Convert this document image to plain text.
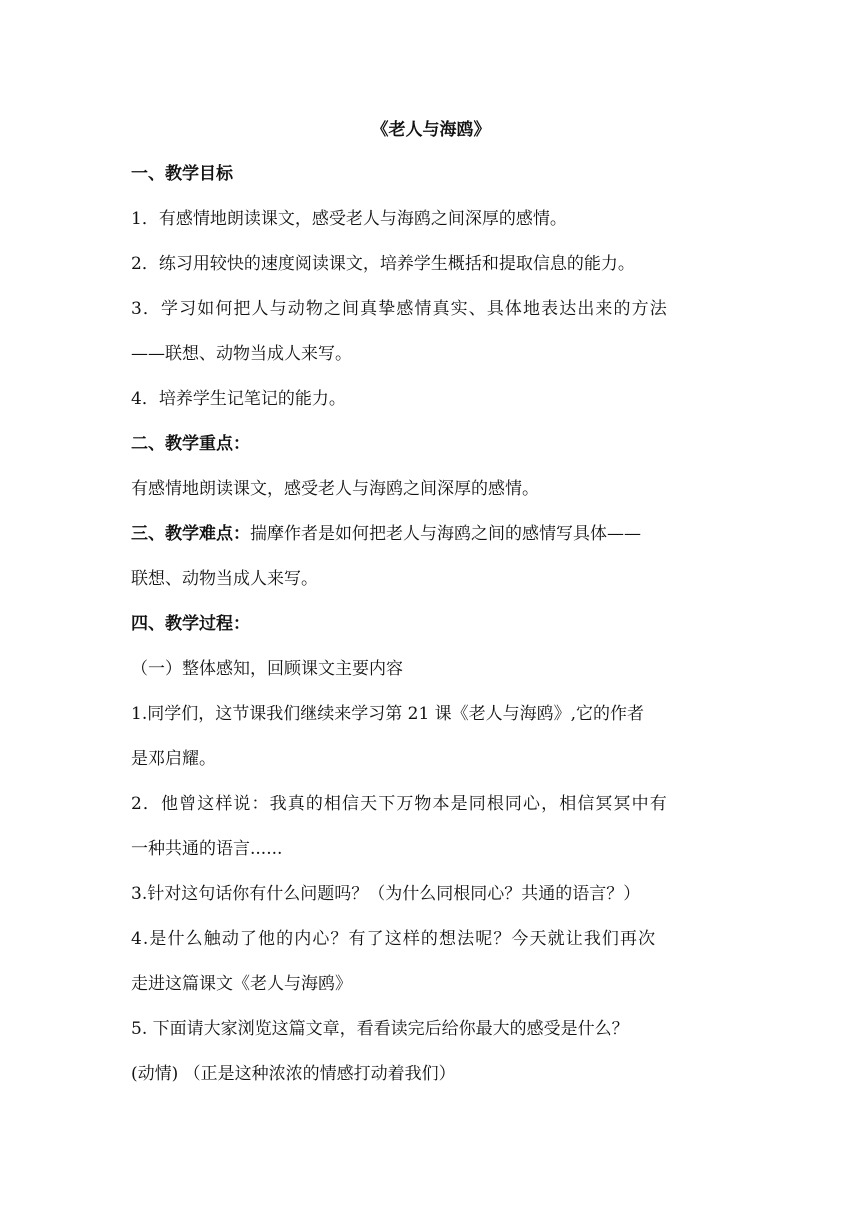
《老人与海鸥》
一、教学目标
1．有感情地朗读课文，感受老人与海鸥之间深厚的感情。
2．练习用较快的速度阅读课文，培养学生概括和提取信息的能力。
3．学习如何把人与动物之间真挚感情真实、具体地表达出来的方法
——联想、动物当成人来写。
4．培养学生记笔记的能力。
二、教学重点：
有感情地朗读课文，感受老人与海鸥之间深厚的感情。
三、教学难点：揣摩作者是如何把老人与海鸥之间的感情写具体——
联想、动物当成人来写。
四、教学过程：
（一）整体感知，回顾课文主要内容
1.同学们，这节课我们继续来学习第 21 课《老人与海鸥》,它的作者
是邓启耀。
2．他曾这样说：我真的相信天下万物本是同根同心，相信冥冥中有
一种共通的语言......
3.针对这句话你有什么问题吗？（为什么同根同心？共通的语言？）
4.是什么触动了他的内心？有了这样的想法呢？今天就让我们再次
走进这篇课文《老人与海鸥》
5. 下面请大家浏览这篇文章，看看读完后给你最大的感受是什么？
(动情) （正是这种浓浓的情感打动着我们）
